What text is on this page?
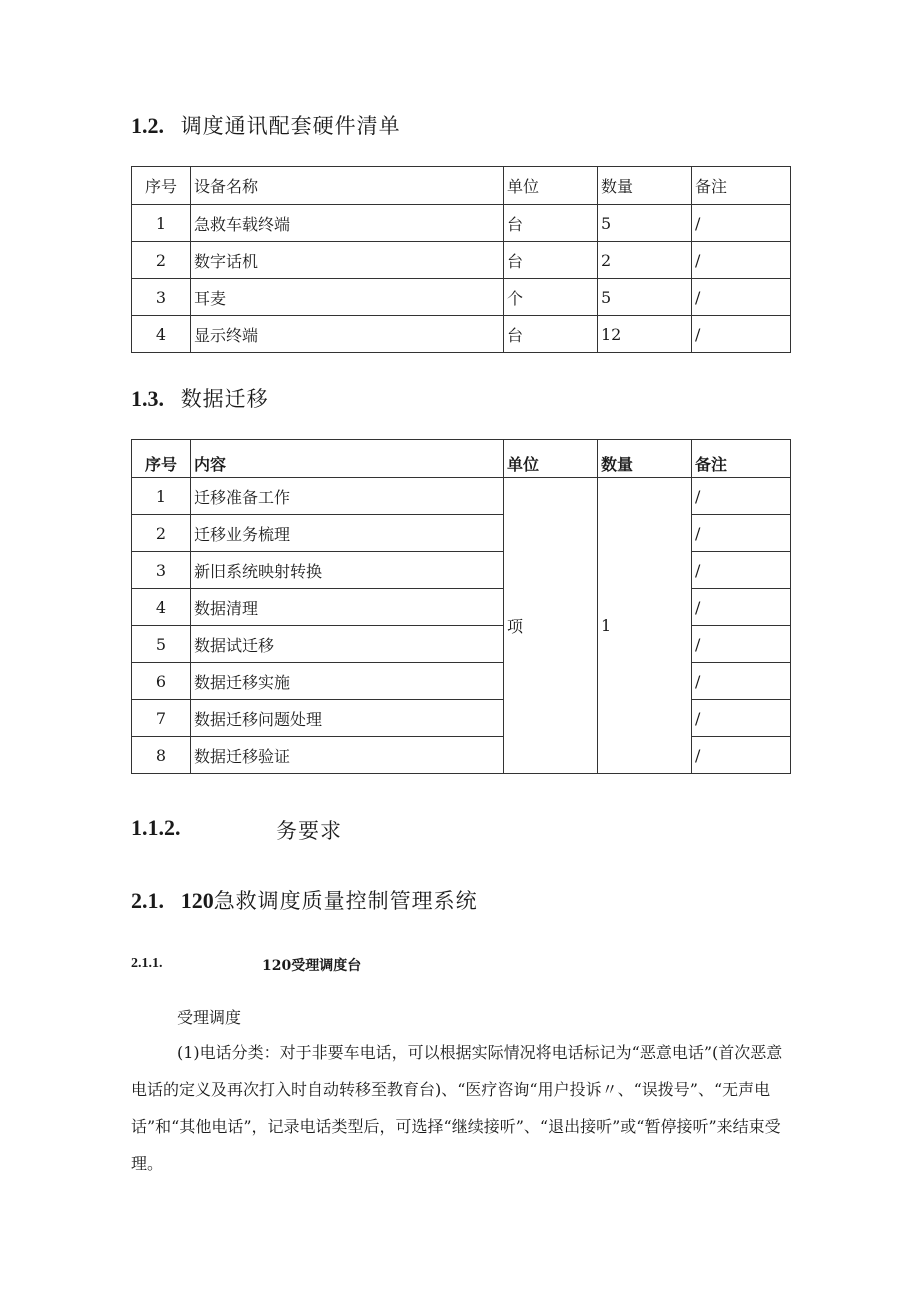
1.2. 调度通讯配套硬件清单
序号	设备名称	单位	数量	备注
1	急救车载终端	台	5	/
2	数字话机	台	2	/
3	耳麦	个	5	/
4	显示终端	台	12	/
1.3. 数据迁移
序号	内容	单位	数量	备注
1	迁移准备工作	项	1	/
2	迁移业务梳理			/
3	新旧系统映射转换			/
4	数据清理			/
5	数据试迁移			/
6	数据迁移实施			/
7	数据迁移问题处理			/
8	数据迁移验证			/
1.1.2.	务要求
2.1. 120急救调度质量控制管理系统
2.1.1.	120受理调度台
受理调度

(1)电话分类：对于非要车电话，可以根据实际情况将电话标记为“恶意电话”(首次恶意电话的定义及再次打入时自动转移至教育台)、“医疗咨询“用户投诉〃、“误拨号”、“无声电话”和“其他电话”，记录电话类型后，可选择“继续接听”、“退出接听”或“暂停接听”来结束受理。
